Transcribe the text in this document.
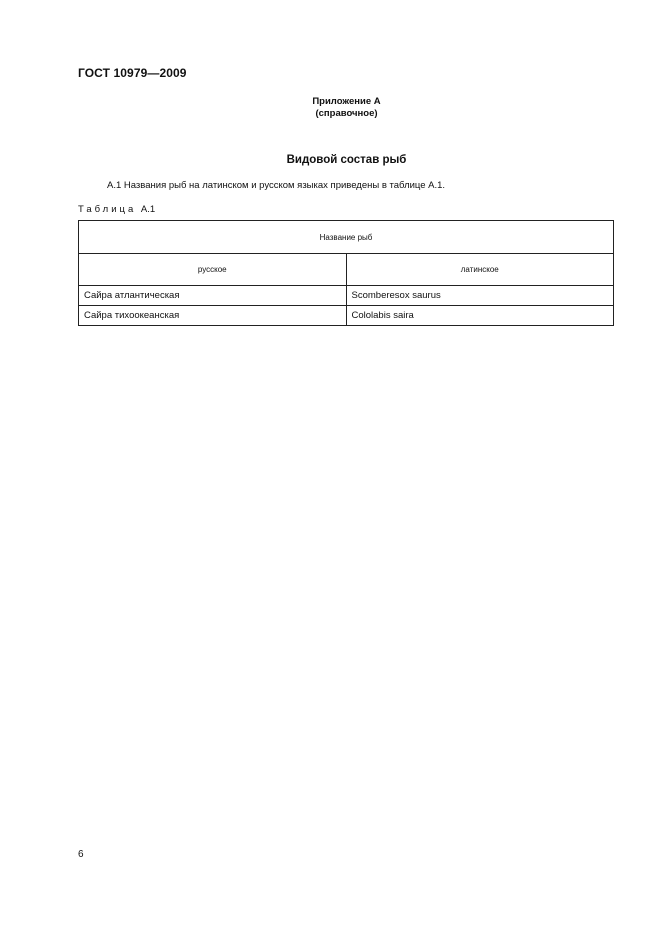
ГОСТ 10979—2009
Приложение А
(справочное)
Видовой состав рыб
А.1 Названия рыб на латинском и русском языках приведены в таблице А.1.
Таблица А.1
Название рыб	
русское	латинское
Сайра атлантическая	Scomberesox saurus
Сайра тихоокеанская	Cololabis saira
6
